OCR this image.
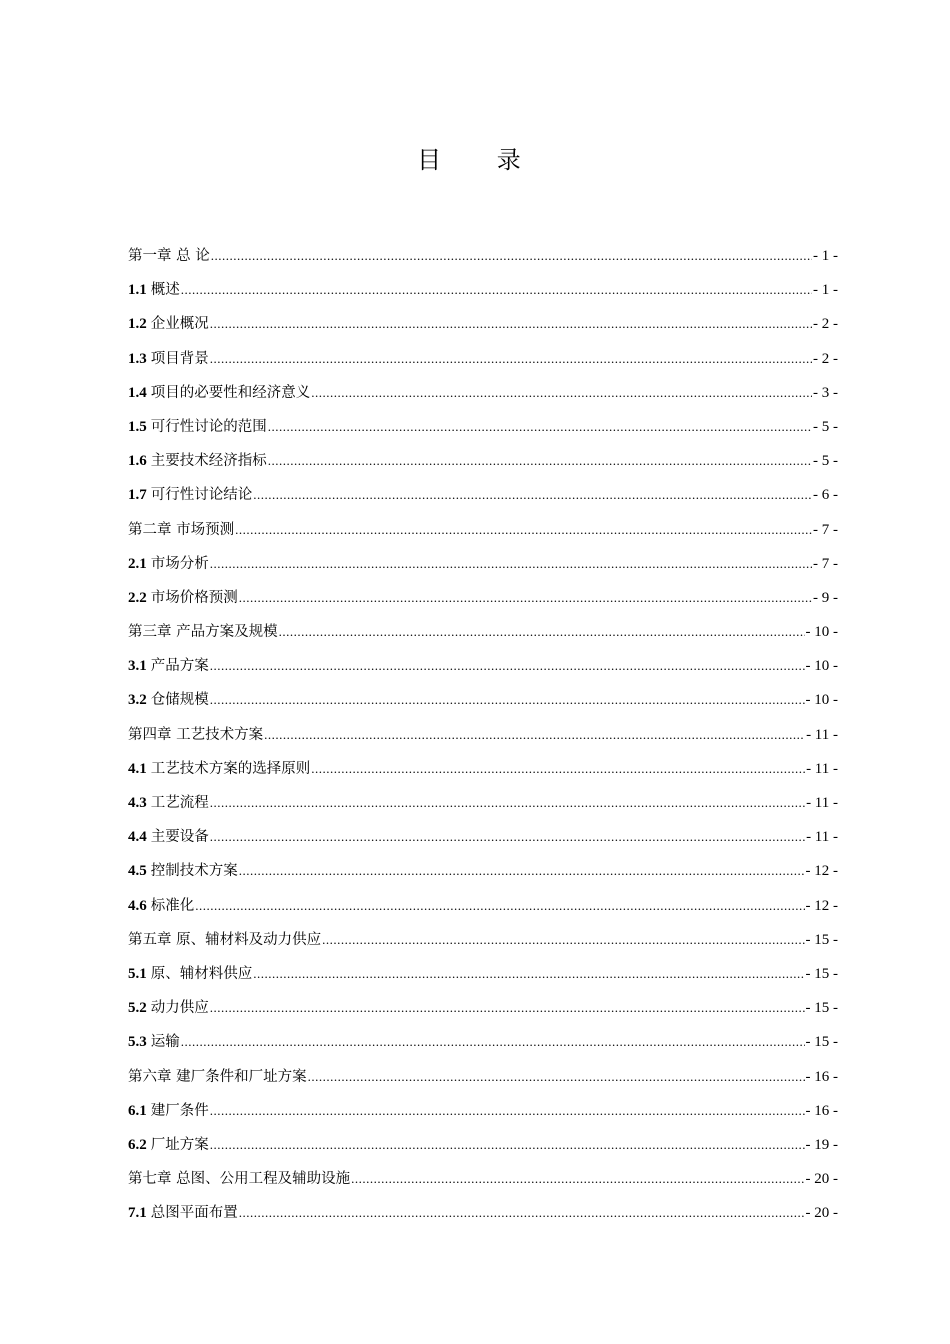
目 录
第一章 总 论 .....	- 1 -
1.1 概述 .....	- 1 -
1.2 企业概况 .....	- 2 -
1.3 项目背景 .....	- 2 -
1.4 项目的必要性和经济意义 .....	- 3 -
1.5 可行性讨论的范围 .....	- 5 -
1.6 主要技术经济指标 .....	- 5 -
1.7 可行性讨论结论 .....	- 6 -
第二章 市场预测 .....	- 7 -
2.1 市场分析 .....	- 7 -
2.2 市场价格预测 .....	- 9 -
第三章 产品方案及规模 .....	- 10 -
3.1 产品方案 .....	- 10 -
3.2 仓储规模 .....	- 10 -
第四章 工艺技术方案 .....	- 11 -
4.1 工艺技术方案的选择原则 .....	- 11 -
4.3 工艺流程 .....	- 11 -
4.4 主要设备 .....	- 11 -
4.5 控制技术方案 .....	- 12 -
4.6 标准化 .....	- 12 -
第五章 原、辅材料及动力供应 .....	- 15 -
5.1 原、辅材料供应 .....	- 15 -
5.2 动力供应 .....	- 15 -
5.3 运输 .....	- 15 -
第六章 建厂条件和厂址方案 .....	- 16 -
6.1 建厂条件 .....	- 16 -
6.2 厂址方案 .....	- 19 -
第七章 总图、公用工程及辅助设施 .....	- 20 -
7.1 总图平面布置 .....	- 20 -
